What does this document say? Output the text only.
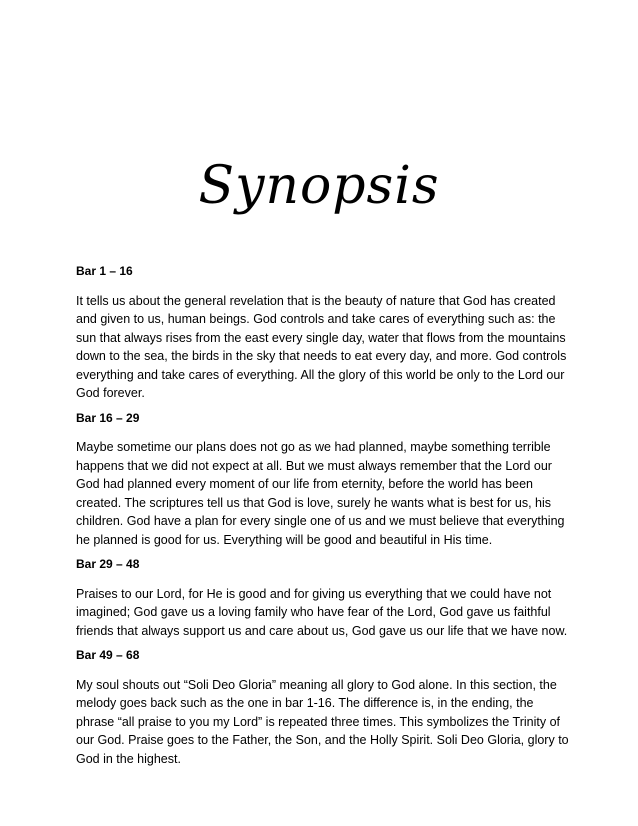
Synopsis
Bar 1 – 16
It tells us about the general revelation that is the beauty of nature that God has created and given to us, human beings. God controls and take cares of everything such as: the sun that always rises from the east every single day, water that flows from the mountains down to the sea, the birds in the sky that needs to eat every day, and more. God controls everything and take cares of everything. All the glory of this world be only to the Lord our God forever.
Bar 16 – 29
Maybe sometime our plans does not go as we had planned, maybe something terrible happens that we did not expect at all. But we must always remember that the Lord our God had planned every moment of our life from eternity, before the world has been created. The scriptures tell us that God is love, surely he wants what is best for us, his children. God have a plan for every single one of us and we must believe that everything he planned is good for us. Everything will be good and beautiful in His time.
Bar 29 – 48
Praises to our Lord, for He is good and for giving us everything that we could have not imagined; God gave us a loving family who have fear of the Lord, God gave us faithful friends that always support us and care about us, God gave us our life that we have now.
Bar 49 – 68
My soul shouts out “Soli Deo Gloria” meaning all glory to God alone. In this section, the melody goes back such as the one in bar 1-16. The difference is, in the ending, the phrase “all praise to you my Lord” is repeated three times. This symbolizes the Trinity of our God. Praise goes to the Father, the Son, and the Holly Spirit. Soli Deo Gloria, glory to God in the highest.
